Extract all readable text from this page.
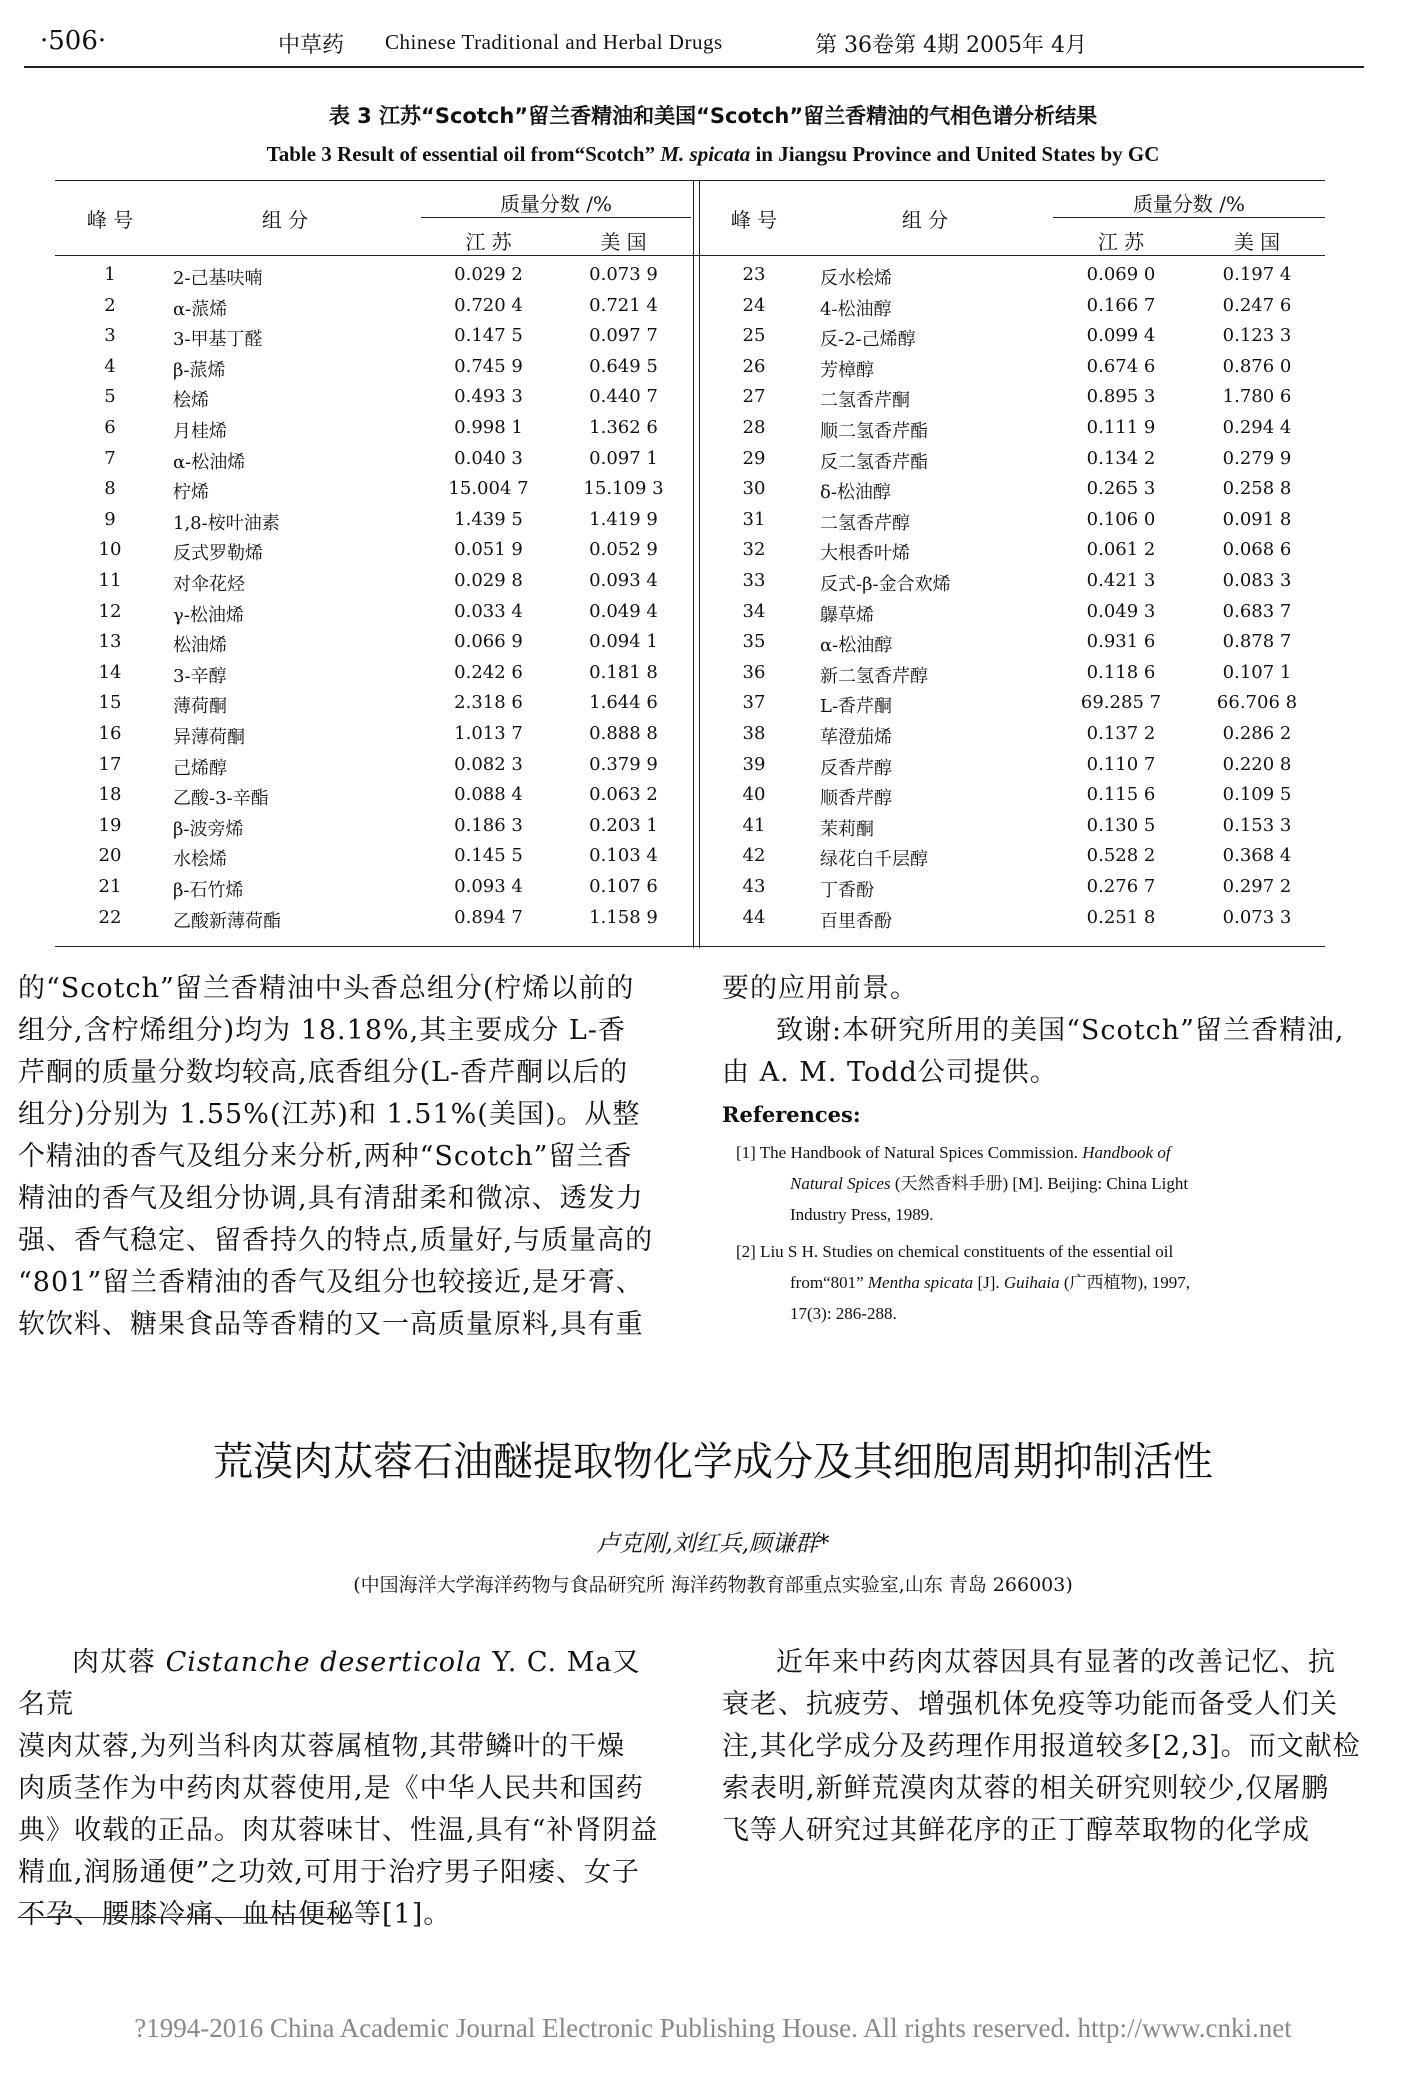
·506·	中草药 Chinese Traditional and Herbal Drugs	第 36卷第 4期 2005年 4月
表 3 江苏“Scotch”留兰香精油和美国“Scotch”留兰香精油的气相色谱分析结果
Table 3 Result of essential oil from“Scotch” M. spicata in Jiangsu Province and United States by GC
峰 号	组 分
质量分数 /%
江 苏	美 国
峰 号	组 分
质量分数 /%
江 苏	美 国
1	2-己基呋喃	0.029 2	0.073 9
2	α-蒎烯	0.720 4	0.721 4
3	3-甲基丁醛	0.147 5	0.097 7
4	β-蒎烯	0.745 9	0.649 5
5	桧烯	0.493 3	0.440 7
6	月桂烯	0.998 1	1.362 6
7	α-松油烯	0.040 3	0.097 1
8	柠烯	15.004 7	15.109 3
9	1,8-桉叶油素	1.439 5	1.419 9
10	反式罗勒烯	0.051 9	0.052 9
11	对伞花烃	0.029 8	0.093 4
12	γ-松油烯	0.033 4	0.049 4
13	松油烯	0.066 9	0.094 1
14	3-辛醇	0.242 6	0.181 8
15	薄荷酮	2.318 6	1.644 6
16	异薄荷酮	1.013 7	0.888 8
17	己烯醇	0.082 3	0.379 9
18	乙酸-3-辛酯	0.088 4	0.063 2
19	β-波旁烯	0.186 3	0.203 1
20	水桧烯	0.145 5	0.103 4
21	β-石竹烯	0.093 4	0.107 6
22	乙酸新薄荷酯	0.894 7	1.158 9
23	反水桧烯	0.069 0	0.197 4
24	4-松油醇	0.166 7	0.247 6
25	反-2-己烯醇	0.099 4	0.123 3
26	芳樟醇	0.674 6	0.876 0
27	二氢香芹酮	0.895 3	1.780 6
28	顺二氢香芹酯	0.111 9	0.294 4
29	反二氢香芹酯	0.134 2	0.279 9
30	δ-松油醇	0.265 3	0.258 8
31	二氢香芹醇	0.106 0	0.091 8
32	大根香叶烯	0.061 2	0.068 6
33	反式-β-金合欢烯	0.421 3	0.083 3
34	鸔草烯	0.049 3	0.683 7
35	α-松油醇	0.931 6	0.878 7
36	新二氢香芹醇	0.118 6	0.107 1
37	L-香芹酮	69.285 7	66.706 8
38	荜澄茄烯	0.137 2	0.286 2
39	反香芹醇	0.110 7	0.220 8
40	顺香芹醇	0.115 6	0.109 5
41	茉莉酮	0.130 5	0.153 3
42	绿花白千层醇	0.528 2	0.368 4
43	丁香酚	0.276 7	0.297 2
44	百里香酚	0.251 8	0.073 3
的“Scotch”留兰香精油中头香总组分(柠烯以前的
组分,含柠烯组分)均为 18.18%,其主要成分 L-香
芹酮的质量分数均较高,底香组分(L-香芹酮以后的
组分)分别为 1.55%(江苏)和 1.51%(美国)。从整
个精油的香气及组分来分析,两种“Scotch”留兰香
精油的香气及组分协调,具有清甜柔和微凉、透发力
强、香气稳定、留香持久的特点,质量好,与质量高的
“801”留兰香精油的香气及组分也较接近,是牙膏、
软饮料、糖果食品等香精的又一高质量原料,具有重
要的应用前景。
致谢:本研究所用的美国“Scotch”留兰香精油,
由 A. M. Todd公司提供。
References:
[1] The Handbook of Natural Spices Commission. Handbook of
Natural Spices (天然香料手册) [M]. Beijing: China Light
Industry Press, 1989.
[2] Liu S H. Studies on chemical constituents of the essential oil
from“801” Mentha spicata [J]. Guihaia (广西植物), 1997,
17(3): 286-288.
荒漠肉苁蓉石油醚提取物化学成分及其细胞周期抑制活性
卢克刚,刘红兵,顾谦群*
(中国海洋大学海洋药物与食品研究所 海洋药物教育部重点实验室,山东 青岛 266003)
肉苁蓉 Cistanche deserticola Y. C. Ma又名荒
漠肉苁蓉,为列当科肉苁蓉属植物,其带鳞叶的干燥
肉质茎作为中药肉苁蓉使用,是《中华人民共和国药
典》收载的正品。肉苁蓉味甘、性温,具有“补肾阴益
精血,润肠通便”之功效,可用于治疗男子阳痿、女子
不孕、腰膝冷痛、血枯便秘等[1]。
近年来中药肉苁蓉因具有显著的改善记忆、抗
衰老、抗疲劳、增强机体免疫等功能而备受人们关
注,其化学成分及药理作用报道较多[2,3]。而文献检
索表明,新鲜荒漠肉苁蓉的相关研究则较少,仅屠鹏
飞等人研究过其鲜花序的正丁醇萃取物的化学成
?1994-2016 China Academic Journal Electronic Publishing House. All rights reserved. http://www.cnki.net
